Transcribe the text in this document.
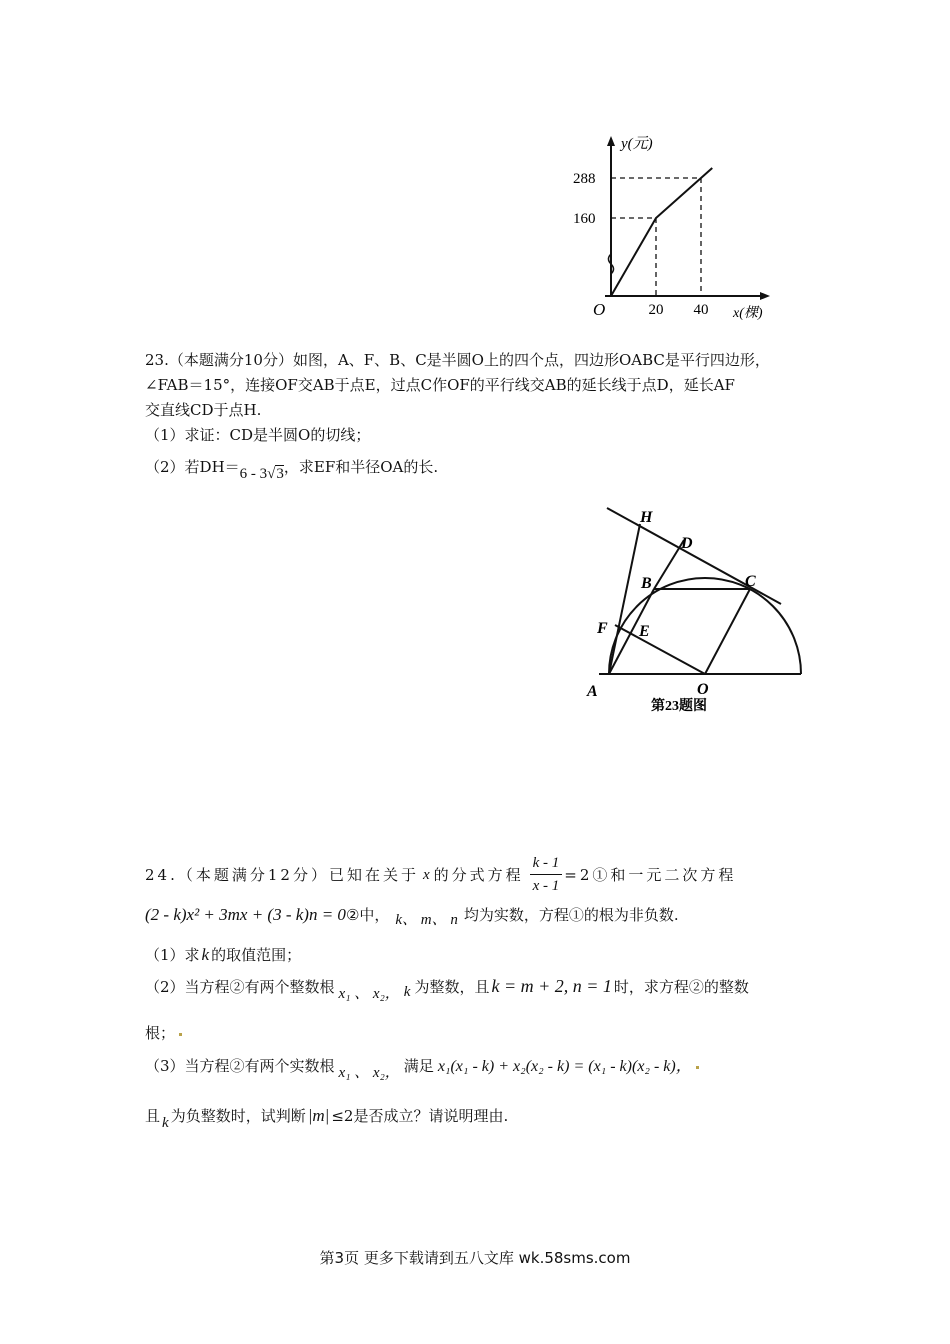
y(元)
288
160
O	20 40 x(棵)
23.（本题满分10分）如图，A、F、B、C是半圆O上的四个点，四边形OABC是平行四边形，
∠FAB＝15°，连接OF交AB于点E，过点C作OF的平行线交AB的延长线于点D，延长AF
交直线CD于点H.
（1）求证：CD是半圆O的切线；
（2）若DH＝6 - 3√3，求EF和半径OA的长.
H
D
B	C
F E
A	O
第23题图
24.（本题满分12分）已知在关于 x 的分式方程 $\frac{k - 1}{x - 1}$ =2①和一元二次方程
(2 - k)x² + 3mx + (3 - k)n = 0②中， k、 m、 n 均为实数，方程①的根为非负数.
（1）求 k 的取值范围；
（2）当方程②有两个整数根 x₁ 、 x₂， k 为整数，且 k = m + 2, n = 1 时，求方程②的整数
根；
（3）当方程②有两个实数根 x₁ 、 x₂， 满足 x₁(x₁ - k) + x₂(x₂ - k) = (x₁ - k)(x₂ - k)，
且 k 为负整数时，试判断 |m| ≤2是否成立？请说明理由.
第3页 更多下载请到五八文库 wk.58sms.com
